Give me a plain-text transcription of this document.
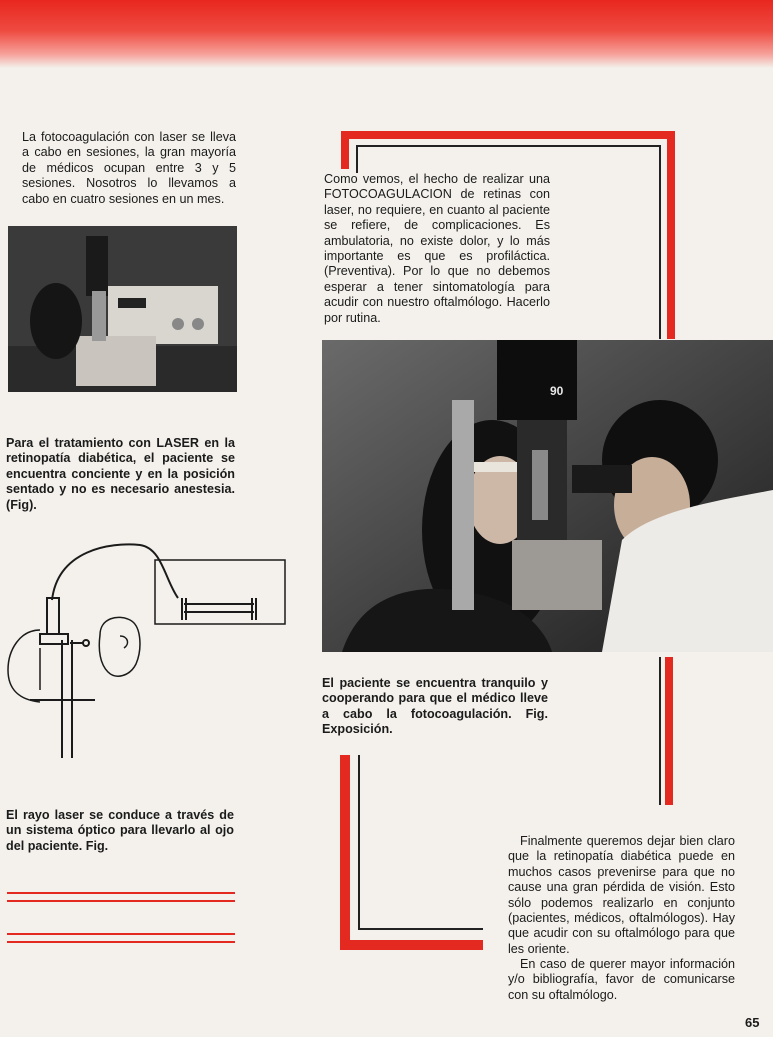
La fotocoagulación con laser se lleva a cabo en sesiones, la gran mayoría de médicos ocupan entre 3 y 5 sesiones. Nosotros lo llevamos a cabo en cuatro sesiones en un mes.

Para el tratamiento con LASER en la retinopatía diabética, el paciente se encuentra conciente y en la posición sentado y no es necesario anestesia. (Fig).

El rayo laser se conduce a través de un sistema óptico para llevarlo al ojo del paciente. Fig.

Como vemos, el hecho de realizar una FOTOCOAGULACION de retinas con laser, no requiere, en cuanto al paciente se refiere, de complicaciones. Es ambulatoria, no existe dolor, y lo más importante es que es profiláctica. (Preventiva). Por lo que no debemos esperar a tener sintomatología para acudir con nuestro oftalmólogo. Hacerlo por rutina.

90

El paciente se encuentra tranquilo y cooperando para que el médico lleve a cabo la fotocoagulación. Fig. Exposición.

Finalmente queremos dejar bien claro que la retinopatía diabética puede en muchos casos prevenirse para que no cause una gran pérdida de visión. Esto sólo podemos realizarlo en conjunto (pacientes, médicos, oftalmólogos). Hay que acudir con su oftalmólogo para que les oriente.

En caso de querer mayor información y/o bibliografía, favor de comunicarse con su oftalmólogo.

65
